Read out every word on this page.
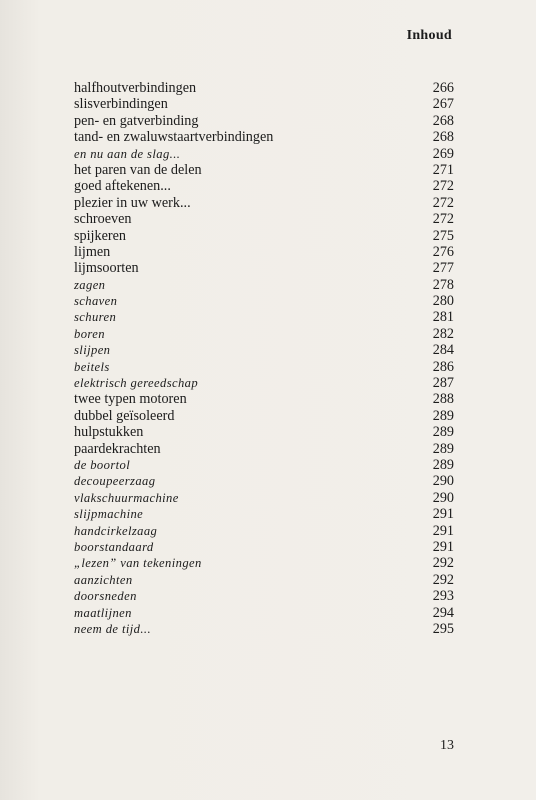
Inhoud
halfhoutverbindingen	266
slisverbindingen	267
pen- en gatverbinding	268
tand- en zwaluwstaartverbindingen	268
en nu aan de slag...	269
het paren van de delen	271
goed aftekenen...	272
plezier in uw werk...	272
schroeven	272
spijkeren	275
lijmen	276
lijmsoorten	277
zagen	278
schaven	280
schuren	281
boren	282
slijpen	284
beitels	286
elektrisch gereedschap	287
twee typen motoren	288
dubbel geïsoleerd	289
hulpstukken	289
paardekrachten	289
de boortol	289
decoupeerzaag	290
vlakschuurmachine	290
slijpmachine	291
handcirkelzaag	291
boorstandaard	291
„lezen” van tekeningen	292
aanzichten	292
doorsneden	293
maatlijnen	294
neem de tijd...	295
13
